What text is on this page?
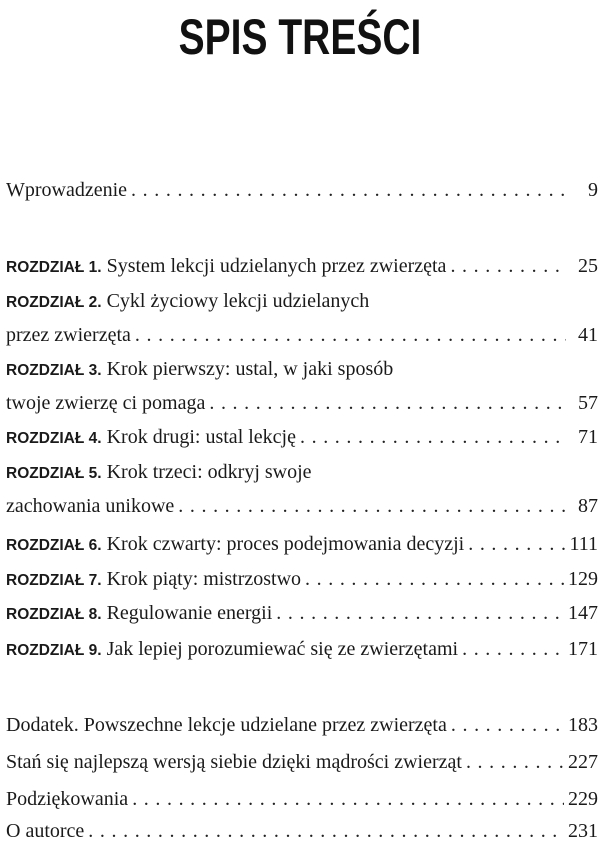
SPIS TREŚCI
Wprowadzenie . . .	9
ROZDZIAŁ 1. System lekcji udzielanych przez zwierzęta . . .	25
ROZDZIAŁ 2. Cykl życiowy lekcji udzielanych
przez zwierzęta . . .	41
ROZDZIAŁ 3. Krok pierwszy: ustal, w jaki sposób
twoje zwierzę ci pomaga . . .	57
ROZDZIAŁ 4. Krok drugi: ustal lekcję . . .	71
ROZDZIAŁ 5. Krok trzeci: odkryj swoje
zachowania unikowe . . .	87
ROZDZIAŁ 6. Krok czwarty: proces podejmowania decyzji . . .	111
ROZDZIAŁ 7. Krok piąty: mistrzostwo . . .	129
ROZDZIAŁ 8. Regulowanie energii . . .	147
ROZDZIAŁ 9. Jak lepiej porozumiewać się ze zwierzętami . . .	171
Dodatek. Powszechne lekcje udzielane przez zwierzęta . . .	183
Stań się najlepszą wersją siebie dzięki mądrości zwierząt . . .	227
Podziękowania . . .	229
O autorce . . .	231
